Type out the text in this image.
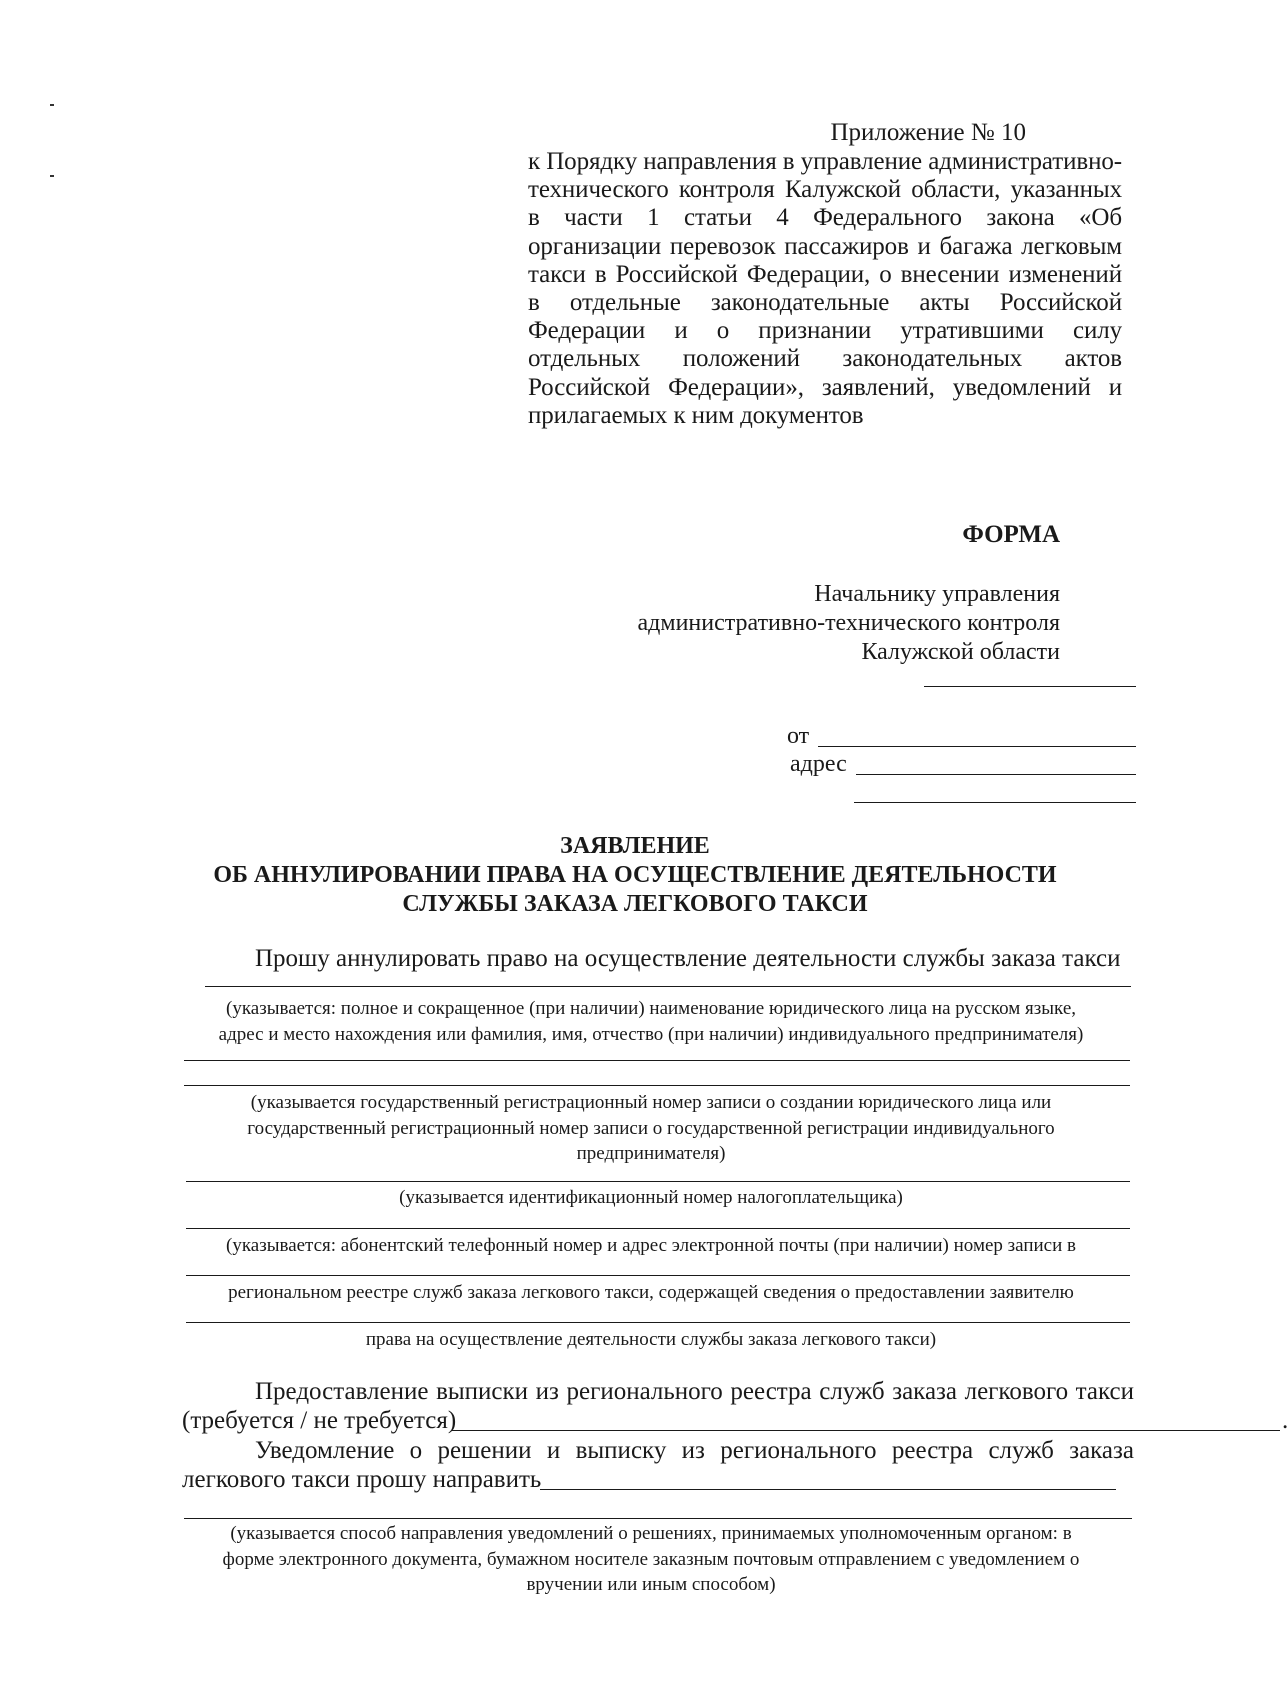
Приложение № 10
к Порядку направления в управление административно-технического контроля Калужской области, указанных в части 1 статьи 4 Федерального закона «Об организации перевозок пассажиров и багажа легковым такси в Российской Федерации, о внесении изменений в отдельные законодательные акты Российской Федерации и о признании утратившими силу отдельных положений законодательных актов Российской Федерации», заявлений, уведомлений и прилагаемых к ним документов
ФОРМА
Начальнику управления
административно-технического контроля
Калужской области
от
адрес
ЗАЯВЛЕНИЕ
ОБ АННУЛИРОВАНИИ ПРАВА НА ОСУЩЕСТВЛЕНИЕ ДЕЯТЕЛЬНОСТИ
СЛУЖБЫ ЗАКАЗА ЛЕГКОВОГО ТАКСИ
Прошу аннулировать право на осуществление деятельности службы заказа такси
(указывается: полное и сокращенное (при наличии) наименование юридического лица на русском языке,
адрес и место нахождения или фамилия, имя, отчество (при наличии) индивидуального предпринимателя)
(указывается государственный регистрационный номер записи о создании юридического лица или
государственный регистрационный номер записи о государственной регистрации индивидуального
предпринимателя)
(указывается идентификационный номер налогоплательщика)
(указывается: абонентский телефонный номер и адрес электронной почты (при наличии) номер записи в
региональном реестре служб заказа легкового такси, содержащей сведения о предоставлении заявителю
права на осуществление деятельности службы заказа легкового такси)
Предоставление выписки из регионального реестра служб заказа легкового такси
(требуется / не требуется)	.
Уведомление о решении и выписку из регионального реестра служб заказа
легкового такси прошу направить
(указывается способ направления уведомлений о решениях, принимаемых уполномоченным органом: в
форме электронного документа, бумажном носителе заказным почтовым отправлением с уведомлением о
вручении или иным способом)
